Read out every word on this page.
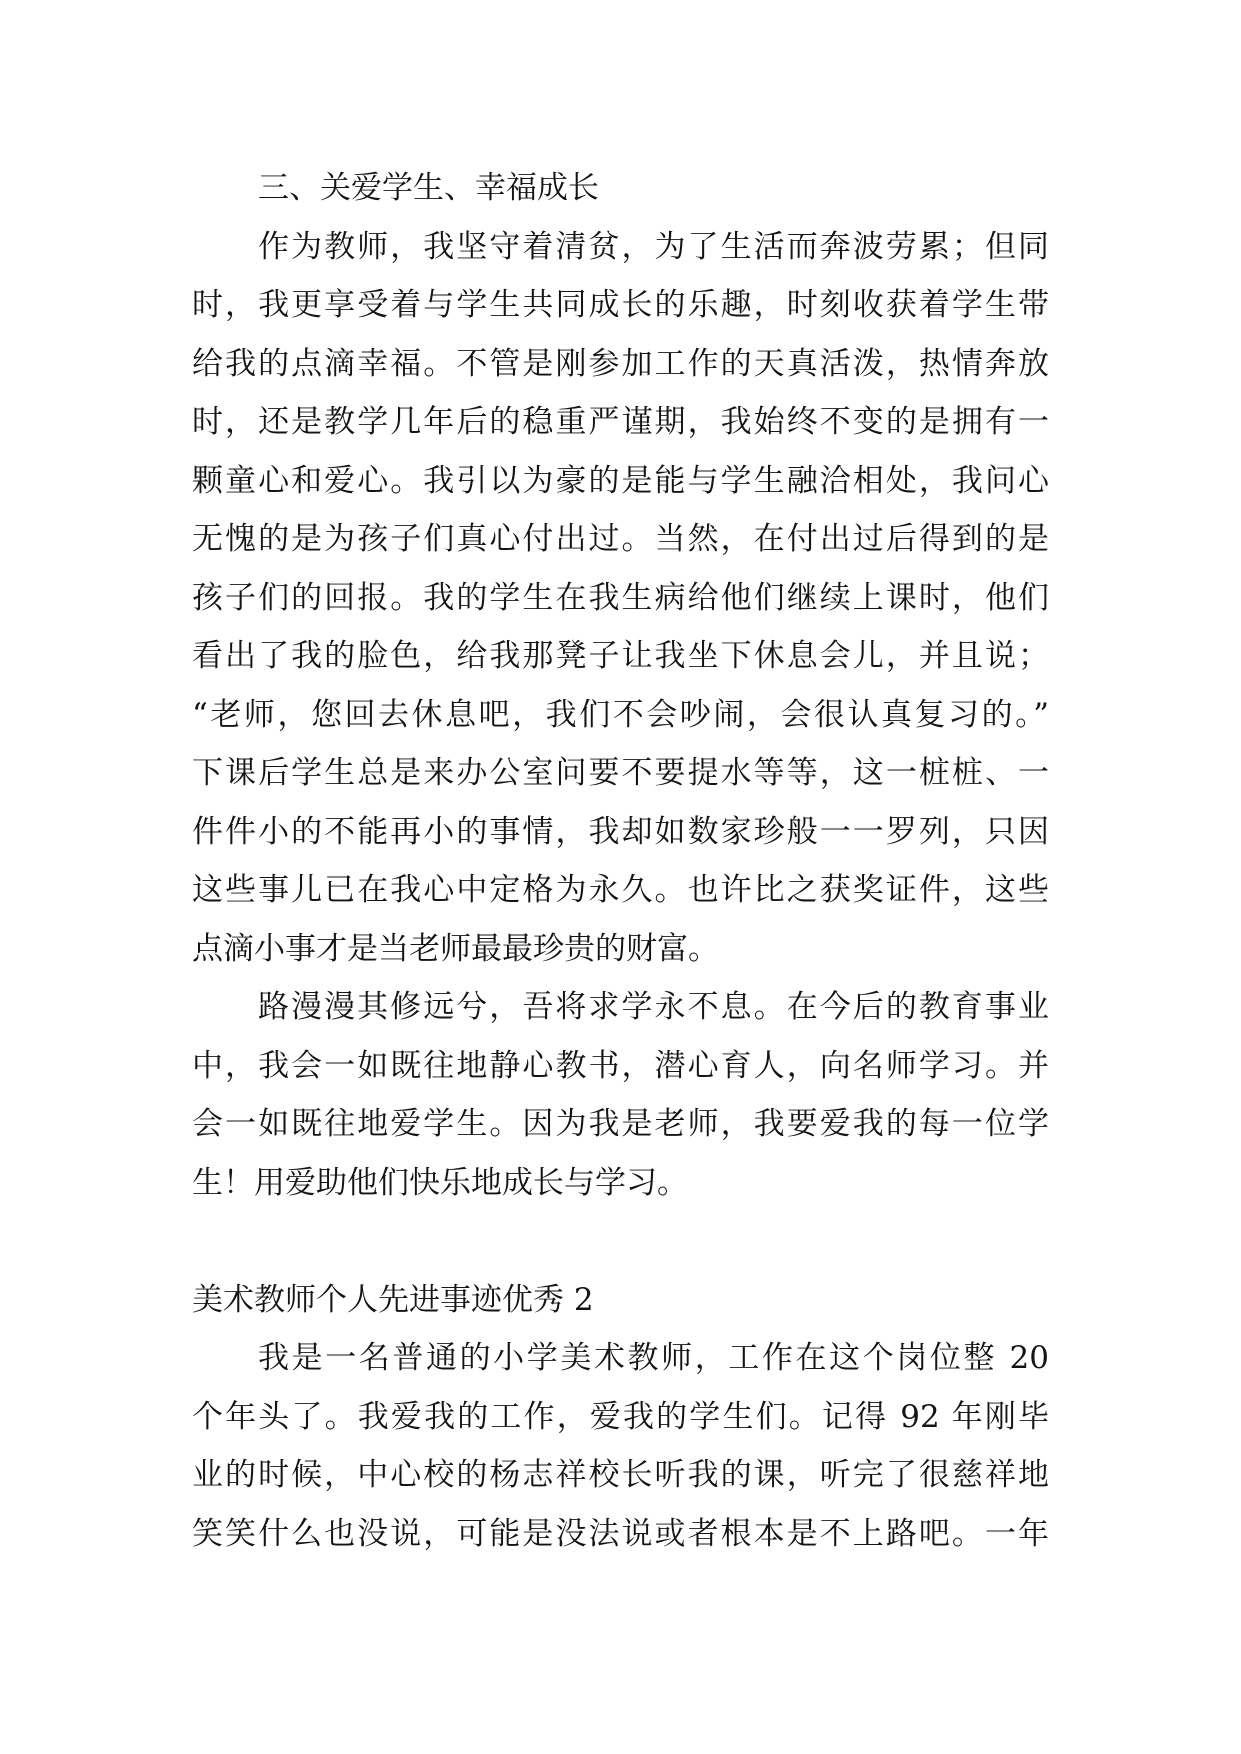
三、关爱学生、幸福成长
作为教师，我坚守着清贫，为了生活而奔波劳累；但同
时，我更享受着与学生共同成长的乐趣，时刻收获着学生带
给我的点滴幸福。不管是刚参加工作的天真活泼，热情奔放
时，还是教学几年后的稳重严谨期，我始终不变的是拥有一
颗童心和爱心。我引以为豪的是能与学生融洽相处，我问心
无愧的是为孩子们真心付出过。当然，在付出过后得到的是
孩子们的回报。我的学生在我生病给他们继续上课时，他们
看出了我的脸色，给我那凳子让我坐下休息会儿，并且说；
“老师，您回去休息吧，我们不会吵闹，会很认真复习的。”
下课后学生总是来办公室问要不要提水等等，这一桩桩、一
件件小的不能再小的事情，我却如数家珍般一一罗列，只因
这些事儿已在我心中定格为永久。也许比之获奖证件，这些
点滴小事才是当老师最最珍贵的财富。
路漫漫其修远兮，吾将求学永不息。在今后的教育事业
中，我会一如既往地静心教书，潜心育人，向名师学习。并
会一如既往地爱学生。因为我是老师，我要爱我的每一位学
生！用爱助他们快乐地成长与学习。
美术教师个人先进事迹优秀 2
我是一名普通的小学美术教师，工作在这个岗位整 20
个年头了。我爱我的工作，爱我的学生们。记得 92 年刚毕
业的时候，中心校的杨志祥校长听我的课，听完了很慈祥地
笑笑什么也没说，可能是没法说或者根本是不上路吧。一年
